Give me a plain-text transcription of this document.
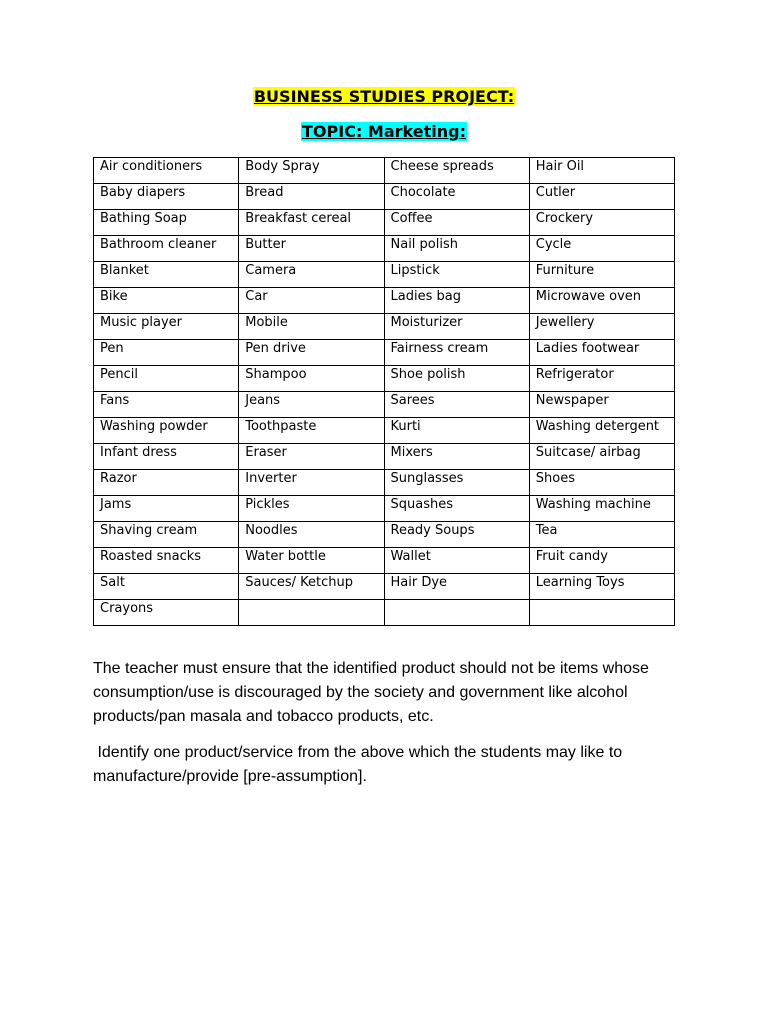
BUSINESS STUDIES PROJECT:
TOPIC: Marketing:
Air conditioners	Body Spray	Cheese spreads	Hair Oil
Baby diapers	Bread	Chocolate	Cutler
Bathing Soap	Breakfast cereal	Coffee	Crockery
Bathroom cleaner	Butter	Nail polish	Cycle
Blanket	Camera	Lipstick	Furniture
Bike	Car	Ladies bag	Microwave oven
Music player	Mobile	Moisturizer	Jewellery
Pen	Pen drive	Fairness cream	Ladies footwear
Pencil	Shampoo	Shoe polish	Refrigerator
Fans	Jeans	Sarees	Newspaper
Washing powder	Toothpaste	Kurti	Washing detergent
Infant dress	Eraser	Mixers	Suitcase/ airbag
Razor	Inverter	Sunglasses	Shoes
Jams	Pickles	Squashes	Washing machine
Shaving cream	Noodles	Ready Soups	Tea
Roasted snacks	Water bottle	Wallet	Fruit candy
Salt	Sauces/ Ketchup	Hair Dye	Learning Toys
Crayons			

The teacher must ensure that the identified product should not be items whose consumption/use is discouraged by the society and government like alcohol products/pan masala and tobacco products, etc.

Identify one product/service from the above which the students may like to manufacture/provide [pre-assumption].
